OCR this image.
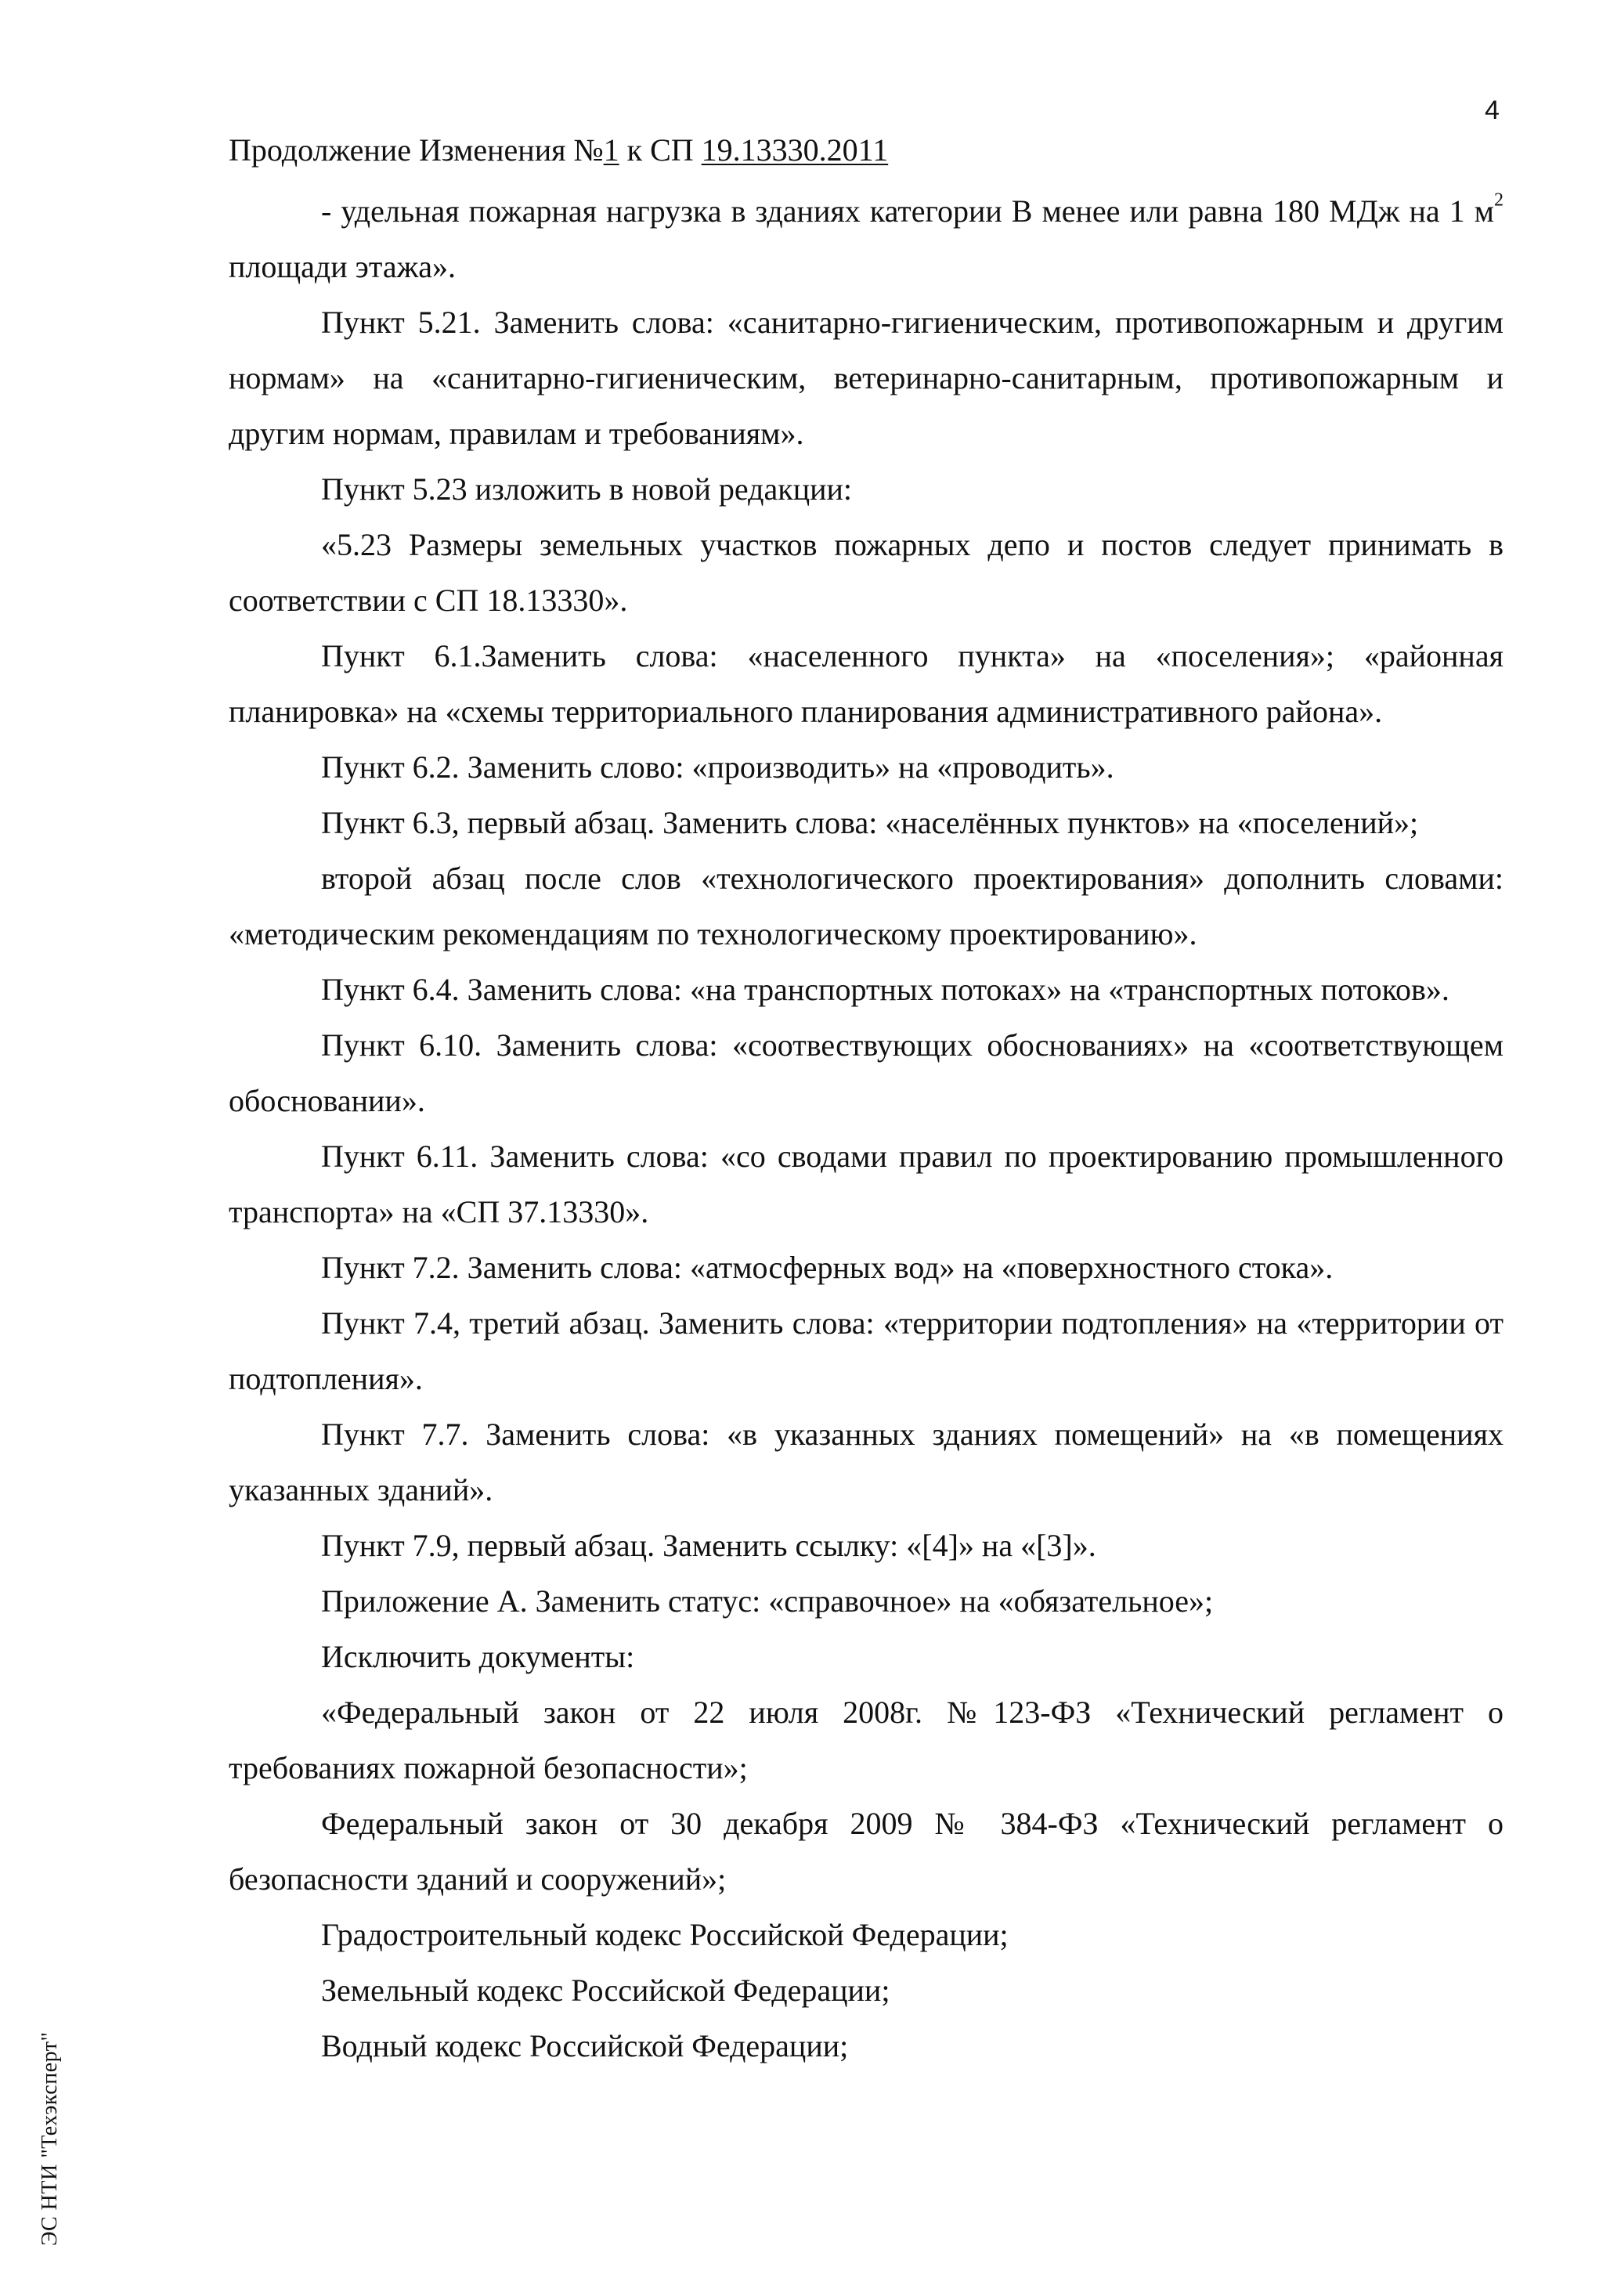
4
Продолжение Изменения №1 к СП 19.13330.2011

- удельная пожарная нагрузка в зданиях категории В менее или равна 180 МДж на 1 $м^2$ площади этажа».

Пункт 5.21. Заменить слова: «санитарно-гигиеническим, противопожарным и другим нормам» на «санитарно-гигиеническим, ветеринарно-санитарным, противопожарным и другим нормам, правилам и требованиям».

Пункт 5.23 изложить в новой редакции:

«5.23 Размеры земельных участков пожарных депо и постов следует принимать в соответствии с СП 18.13330».

Пункт 6.1.Заменить слова: «населенного пункта» на «поселения»; «районная планировка» на «схемы территориального планирования административного района».

Пункт 6.2. Заменить слово: «производить» на «проводить».

Пункт 6.3, первый абзац. Заменить слова: «населённых пунктов» на «поселений»;

второй абзац после слов «технологического проектирования» дополнить словами: «методическим рекомендациям по технологическому проектированию».

Пункт 6.4. Заменить слова: «на транспортных потоках» на «транспортных потоков».

Пункт 6.10. Заменить слова: «соотвествующих обоснованиях» на «соответствующем обосновании».

Пункт 6.11. Заменить слова: «со сводами правил по проектированию промышленного транспорта» на «СП 37.13330».

Пункт 7.2. Заменить слова: «атмосферных вод» на «поверхностного стока».

Пункт 7.4, третий абзац. Заменить слова: «территории подтопления» на «территории от подтопления».

Пункт 7.7. Заменить слова: «в указанных зданиях помещений» на «в помещениях указанных зданий».

Пункт 7.9, первый абзац. Заменить ссылку: «[4]» на «[3]».

Приложение А. Заменить статус: «справочное» на «обязательное»;

Исключить документы:

«Федеральный закон от 22 июля 2008г. №123-ФЗ «Технический регламент о требованиях пожарной безопасности»;

Федеральный закон от 30 декабря 2009 № 384-ФЗ «Технический регламент о безопасности зданий и сооружений»;

Градостроительный кодекс Российской Федерации;

Земельный кодекс Российской Федерации;

Водный кодекс Российской Федерации;

ЭС НТИ "Техэксперт"
